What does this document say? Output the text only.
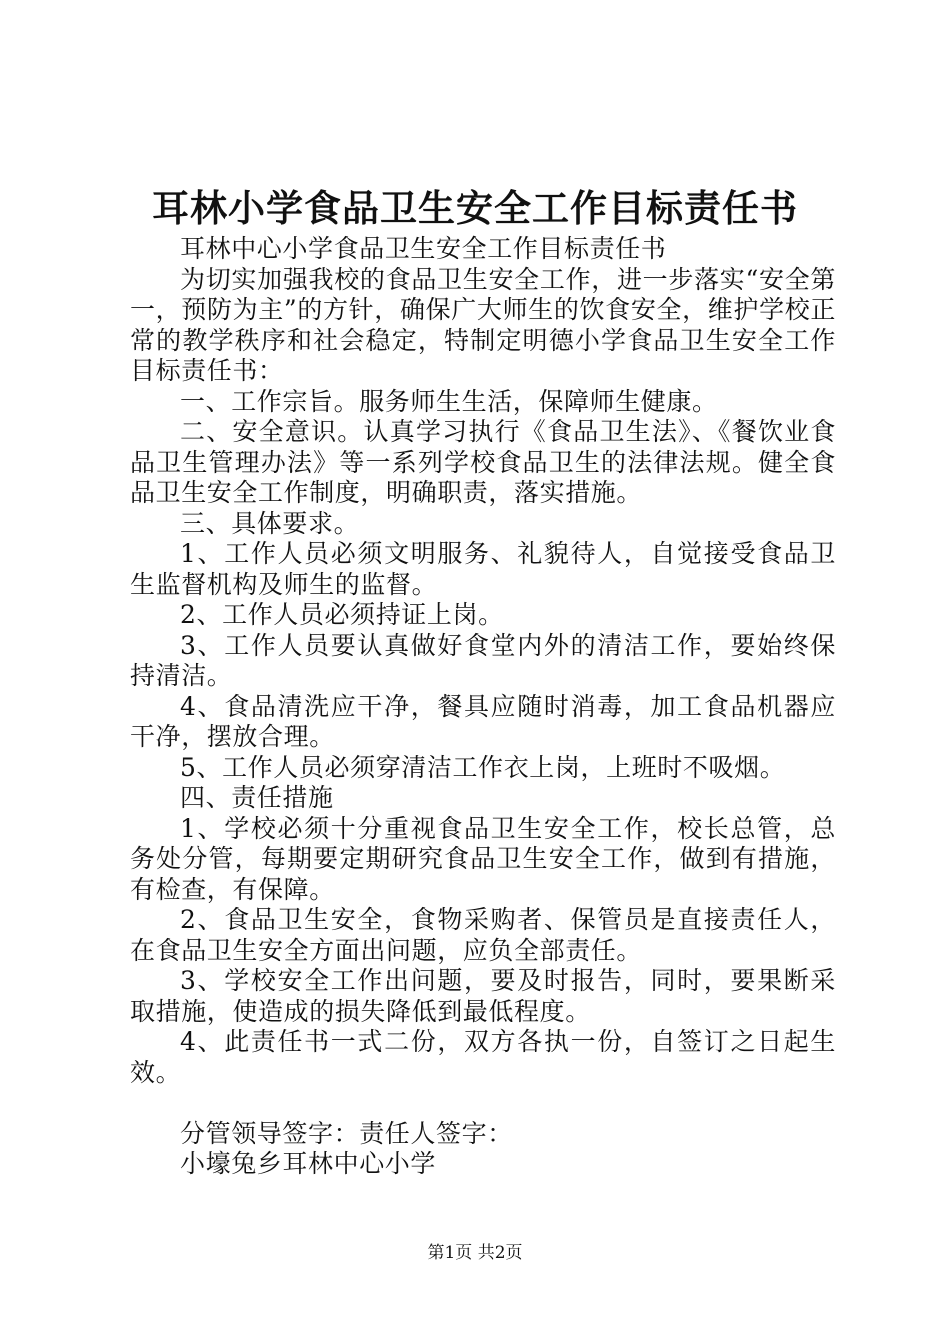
耳林小学食品卫生安全工作目标责任书

耳林中心小学食品卫生安全工作目标责任书

为切实加强我校的食品卫生安全工作，进一步落实“安全第一，预防为主”的方针，确保广大师生的饮食安全，维护学校正常的教学秩序和社会稳定，特制定明德小学食品卫生安全工作目标责任书：

一、工作宗旨。服务师生生活，保障师生健康。

二、安全意识。认真学习执行《食品卫生法》、《餐饮业食品卫生管理办法》等一系列学校食品卫生的法律法规。健全食品卫生安全工作制度，明确职责，落实措施。

三、具体要求。

1、工作人员必须文明服务、礼貌待人，自觉接受食品卫生监督机构及师生的监督。

2、工作人员必须持证上岗。

3、工作人员要认真做好食堂内外的清洁工作，要始终保持清洁。

4、食品清洗应干净，餐具应随时消毒，加工食品机器应干净，摆放合理。

5、工作人员必须穿清洁工作衣上岗，上班时不吸烟。

四、责任措施

1、学校必须十分重视食品卫生安全工作，校长总管，总务处分管，每期要定期研究食品卫生安全工作，做到有措施，有检查，有保障。

2、食品卫生安全，食物采购者、保管员是直接责任人，在食品卫生安全方面出问题，应负全部责任。

3、学校安全工作出问题，要及时报告，同时，要果断采取措施，使造成的损失降低到最低程度。

4、此责任书一式二份，双方各执一份，自签订之日起生效。

分管领导签字：责任人签字：

小壕兔乡耳林中心小学

第1页 共2页
